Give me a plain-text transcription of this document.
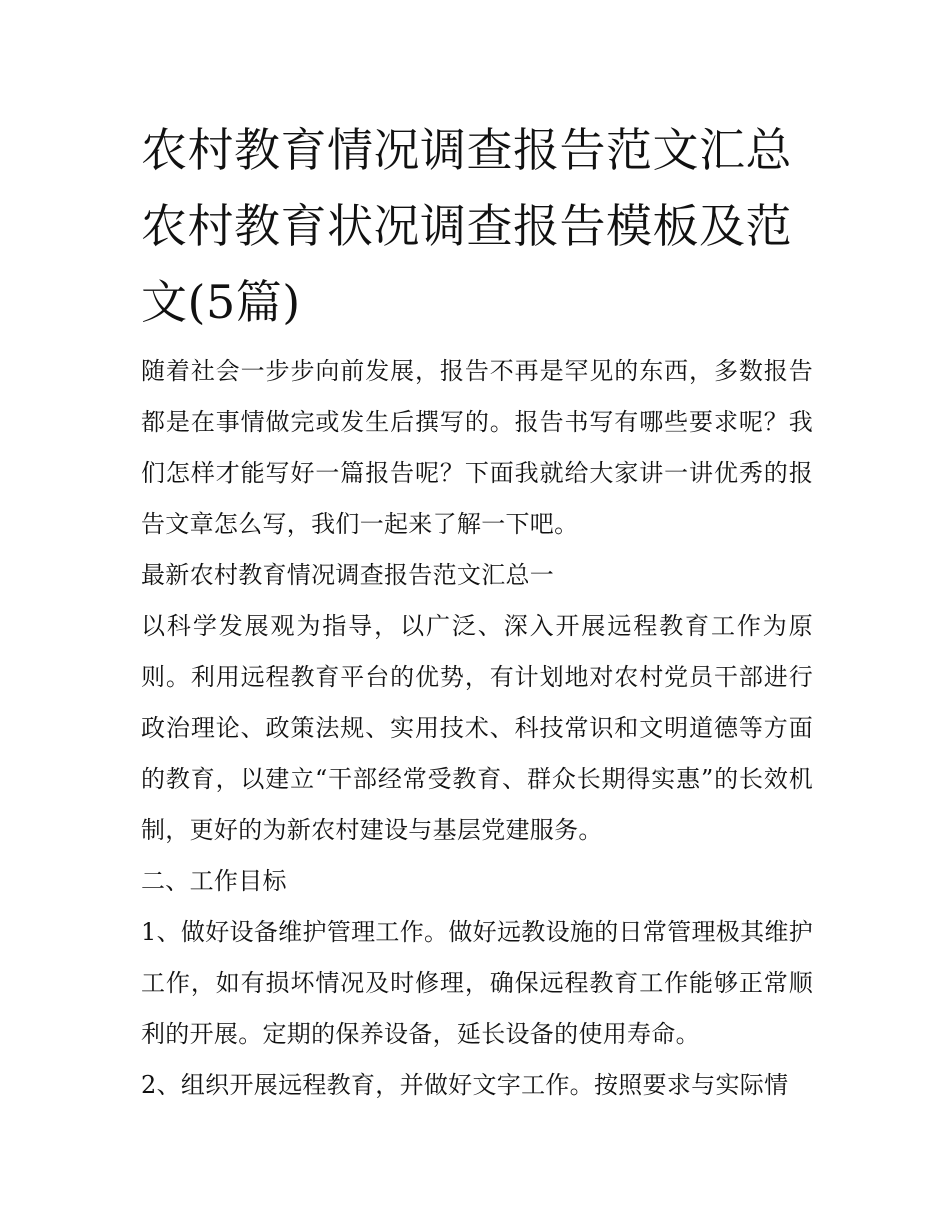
农村教育情况调查报告范文汇总 农村教育状况调查报告模板及范文(5篇)

随着社会一步步向前发展，报告不再是罕见的东西，多数报告都是在事情做完或发生后撰写的。报告书写有哪些要求呢？我们怎样才能写好一篇报告呢？下面我就给大家讲一讲优秀的报告文章怎么写，我们一起来了解一下吧。

最新农村教育情况调查报告范文汇总一

以科学发展观为指导，以广泛、深入开展远程教育工作为原则。利用远程教育平台的优势，有计划地对农村党员干部进行政治理论、政策法规、实用技术、科技常识和文明道德等方面的教育，以建立“干部经常受教育、群众长期得实惠”的长效机制，更好的为新农村建设与基层党建服务。

二、工作目标

1、做好设备维护管理工作。做好远教设施的日常管理极其维护工作，如有损坏情况及时修理，确保远程教育工作能够正常顺利的开展。定期的保养设备，延长设备的使用寿命。

2、组织开展远程教育，并做好文字工作。按照要求与实际情
